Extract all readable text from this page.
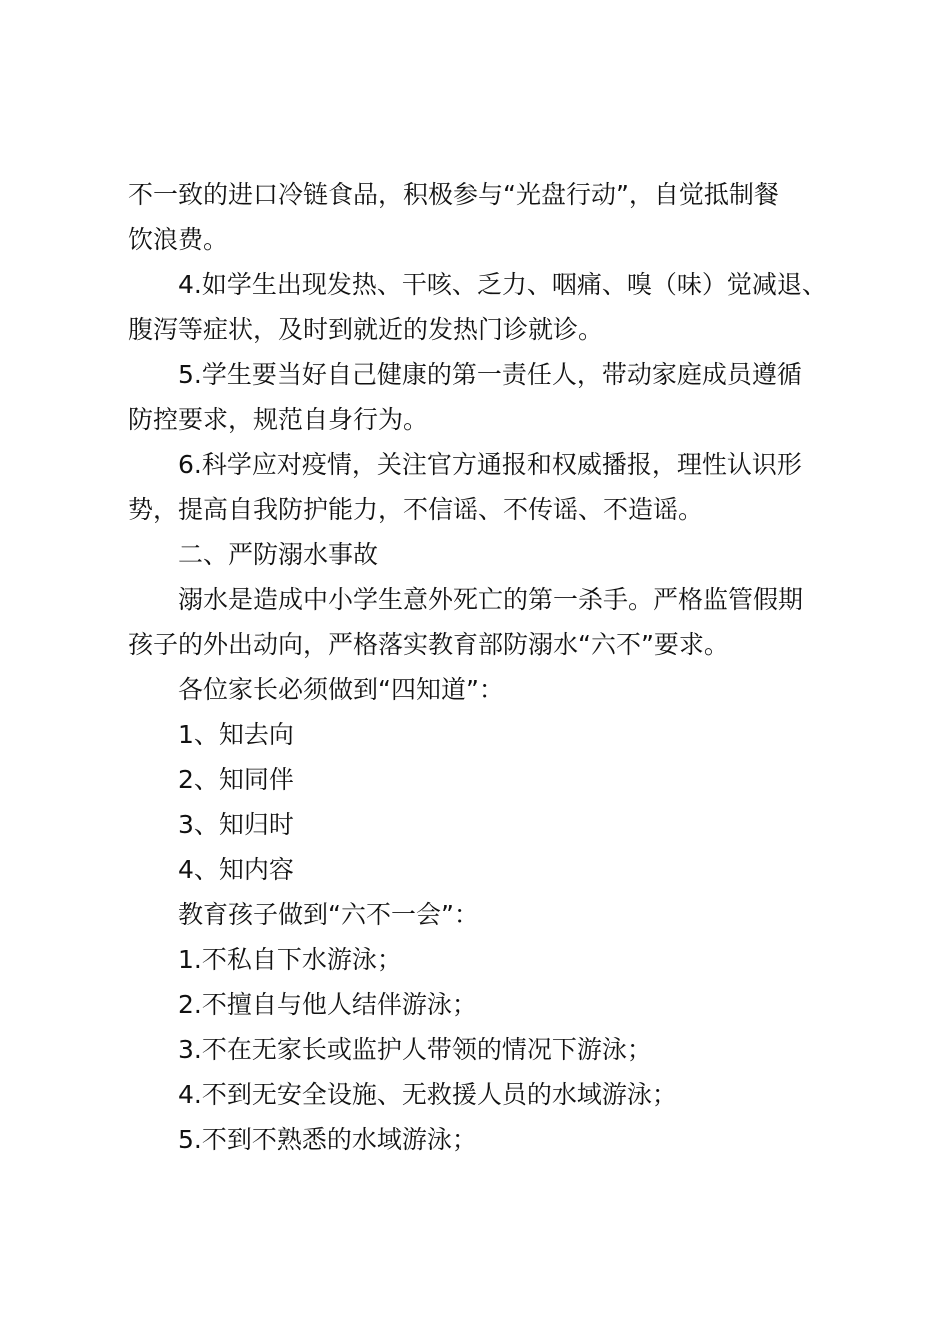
不一致的进口冷链食品，积极参与“光盘行动”，自觉抵制餐
饮浪费。
4.如学生出现发热、干咳、乏力、咽痛、嗅（味）觉减退、
腹泻等症状，及时到就近的发热门诊就诊。
5.学生要当好自己健康的第一责任人，带动家庭成员遵循
防控要求，规范自身行为。
6.科学应对疫情，关注官方通报和权威播报，理性认识形
势，提高自我防护能力，不信谣、不传谣、不造谣。
二、严防溺水事故
溺水是造成中小学生意外死亡的第一杀手。严格监管假期
孩子的外出动向，严格落实教育部防溺水“六不”要求。
各位家长必须做到“四知道”：
1、知去向
2、知同伴
3、知归时
4、知内容
教育孩子做到“六不一会”：
1.不私自下水游泳；
2.不擅自与他人结伴游泳；
3.不在无家长或监护人带领的情况下游泳；
4.不到无安全设施、无救援人员的水域游泳；
5.不到不熟悉的水域游泳；
